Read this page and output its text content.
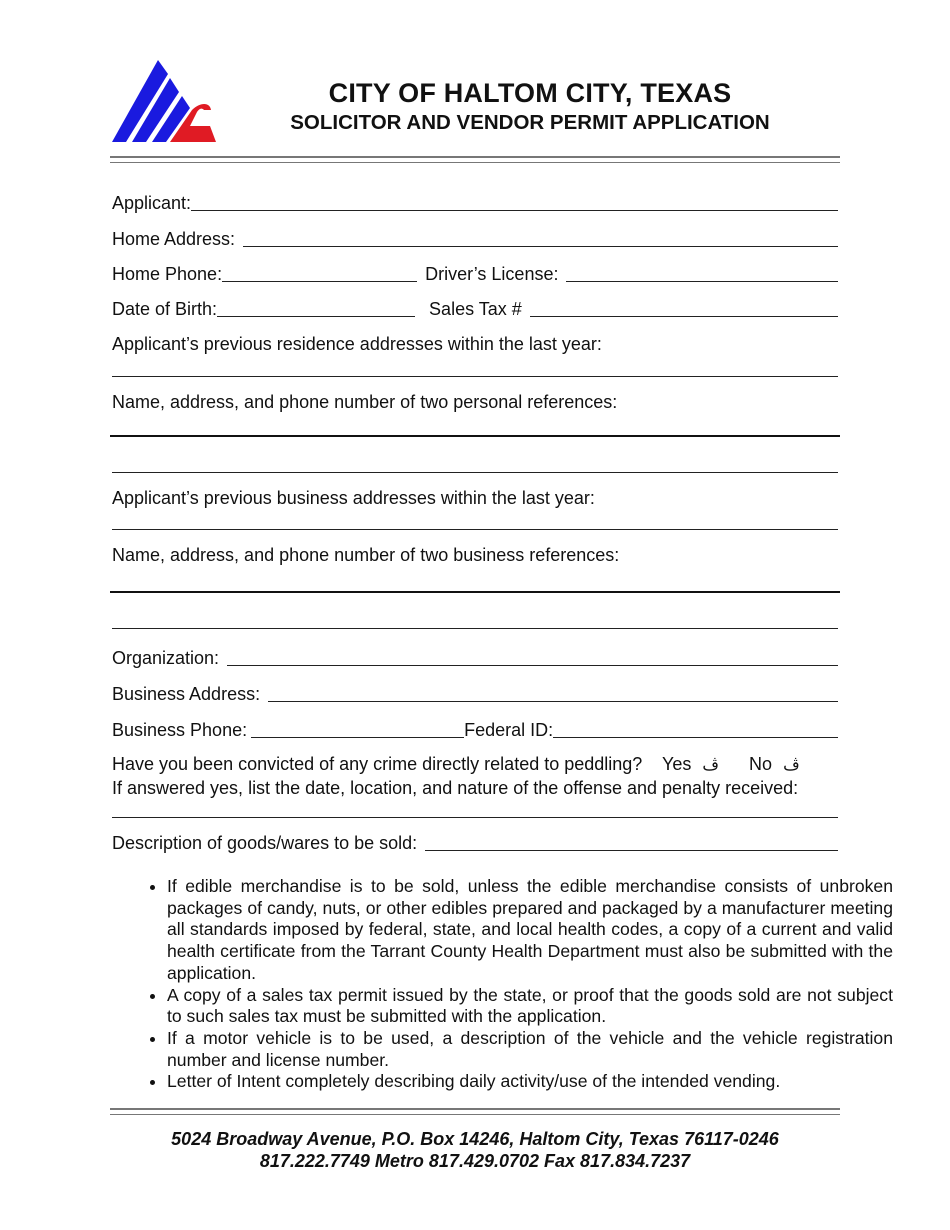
CITY OF HALTOM CITY, TEXAS
SOLICITOR AND VENDOR PERMIT APPLICATION
Applicant:
Home Address:
Home Phone:	Driver’s License:
Date of Birth:	Sales Tax #
Applicant’s previous residence addresses within the last year:
Name, address, and phone number of two personal references:
Applicant’s previous business addresses within the last year:
Name, address, and phone number of two business references:
Organization:
Business Address:
Business Phone:	Federal ID:
Have you been convicted of any crime directly related to peddling? Yes ڤ No ڤ
If answered yes, list the date, location, and nature of the offense and penalty received:
Description of goods/wares to be sold:
• If edible merchandise is to be sold, unless the edible merchandise consists of unbroken packages of candy, nuts, or other edibles prepared and packaged by a manufacturer meeting all standards imposed by federal, state, and local health codes, a copy of a current and valid health certificate from the Tarrant County Health Department must also be submitted with the application.
• A copy of a sales tax permit issued by the state, or proof that the goods sold are not subject to such sales tax must be submitted with the application.
• If a motor vehicle is to be used, a description of the vehicle and the vehicle registration number and license number.
• Letter of Intent completely describing daily activity/use of the intended vending.
5024 Broadway Avenue, P.O. Box 14246, Haltom City, Texas 76117-0246
817.222.7749 Metro 817.429.0702 Fax 817.834.7237
